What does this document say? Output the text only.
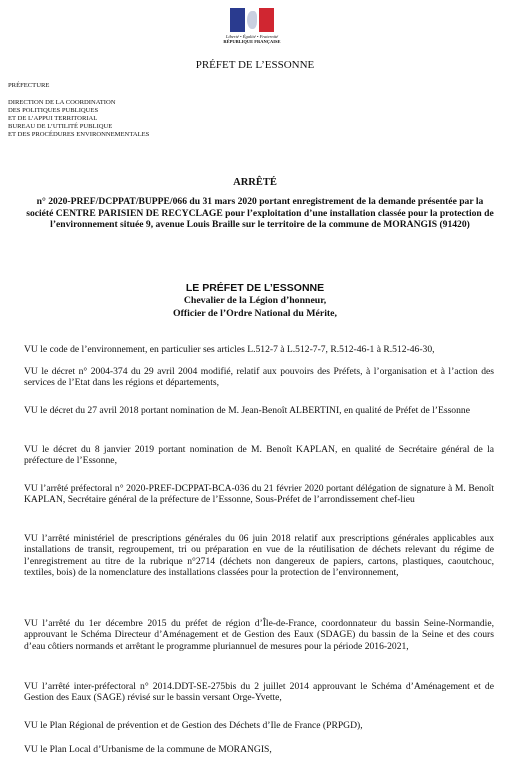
Liberté • Égalité • Fraternité
RÉPUBLIQUE FRANÇAISE
PRÉFET DE L’ESSONNE
PRÉFECTURE
DIRECTION DE LA COORDINATION
DES POLITIQUES PUBLIQUES
ET DE L’APPUI TERRITORIAL
BUREAU DE L’UTILITÉ PUBLIQUE
ET DES PROCÉDURES ENVIRONNEMENTALES
ARRÊTÉ
n° 2020-PREF/DCPPAT/BUPPE/066 du 31 mars 2020 portant enregistrement de la demande présentée par la société CENTRE PARISIEN DE RECYCLAGE pour l’exploitation d’une installation classée pour la protection de l’environnement située 9, avenue Louis Braille sur le territoire de la commune de MORANGIS (91420)
LE PRÉFET DE L’ESSONNE
Chevalier de la Légion d’honneur,
Officier de l’Ordre National du Mérite,
VU le code de l’environnement, en particulier ses articles L.512-7 à L.512-7-7, R.512-46-1 à R.512-46-30,
VU le décret n° 2004-374 du 29 avril 2004 modifié, relatif aux pouvoirs des Préfets, à l’organisation et à l’action des services de l’Etat dans les régions et départements,
VU le décret du 27 avril 2018 portant nomination de M. Jean-Benoît ALBERTINI, en qualité de Préfet de l’Essonne
VU le décret du 8 janvier 2019 portant nomination de M. Benoît KAPLAN, en qualité de Secrétaire général de la préfecture de l’Essonne,
VU l’arrêté préfectoral n° 2020-PREF-DCPPAT-BCA-036 du 21 février 2020 portant délégation de signature à M. Benoît KAPLAN, Secrétaire général de la préfecture de l’Essonne, Sous-Préfet de l’arrondissement chef-lieu
VU l’arrêté ministériel de prescriptions générales du 06 juin 2018 relatif aux prescriptions générales applicables aux installations de transit, regroupement, tri ou préparation en vue de la réutilisation de déchets relevant du régime de l’enregistrement au titre de la rubrique n°2714 (déchets non dangereux de papiers, cartons, plastiques, caoutchouc, textiles, bois) de la nomenclature des installations classées pour la protection de l’environnement,
VU l’arrêté du 1er décembre 2015 du préfet de région d’Île-de-France, coordonnateur du bassin Seine-Normandie, approuvant le Schéma Directeur d’Aménagement et de Gestion des Eaux (SDAGE) du bassin de la Seine et des cours d’eau côtiers normands et arrêtant le programme pluriannuel de mesures pour la période 2016-2021,
VU l’arrêté inter-préfectoral n° 2014.DDT-SE-275bis du 2 juillet 2014 approuvant le Schéma d’Aménagement et de Gestion des Eaux (SAGE) révisé sur le bassin versant Orge-Yvette,
VU le Plan Régional de prévention et de Gestion des Déchets d’Ile de France (PRPGD),
VU le Plan Local d’Urbanisme de la commune de MORANGIS,
